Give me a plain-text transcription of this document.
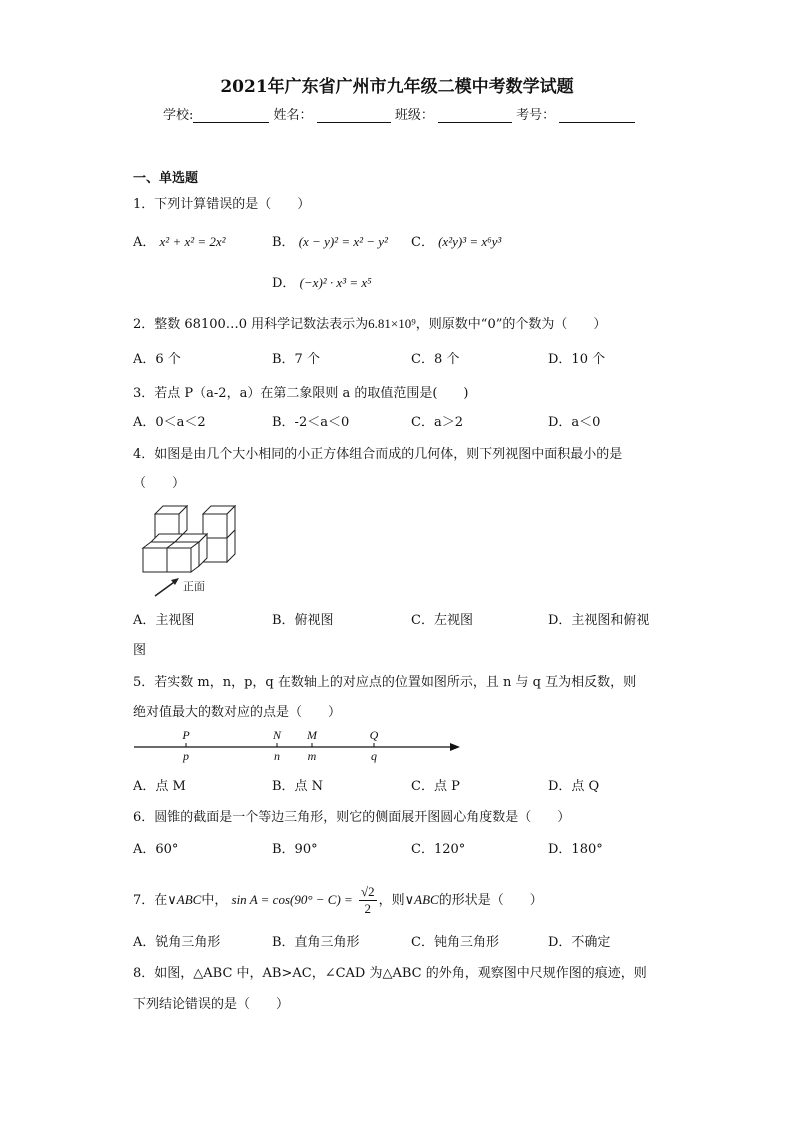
2021年广东省广州市九年级二模中考数学试题
学校:	姓名：	班级：	考号：
一、单选题
1．下列计算错误的是（　　）
A． x² + x² = 2x²	B． (x − y)² = x² − y² C． (x²y)³ = x⁶y³
D． (−x)² · x³ = x⁵
2．整数 68100…0 用科学记数法表示为6.81×10⁹，则原数中“0”的个数为（　　）
A．6 个	B．7 个	C．8 个	D．10 个
3．若点 P（a-2，a）在第二象限则 a 的取值范围是(　　)
A．0＜a＜2	B．-2＜a＜0	C．a＞2	D．a＜0
4．如图是由几个大小相同的小正方体组合而成的几何体，则下列视图中面积最小的是
（　　）
正面
A．主视图	B．俯视图	C．左视图	D．主视图和俯视
图
5．若实数 m，n，p，q 在数轴上的对应点的位置如图所示，且 n 与 q 互为相反数，则
绝对值最大的数对应的点是（　　）
P
p
N
n
M
m
Q
q
A．点 M	B．点 N	C．点 P	D．点 Q
6．圆锥的截面是一个等边三角形，则它的侧面展开图圆心角度数是（　　）
A．60°	B．90°	C．120°	D．180°
7．在∨ABC中， $\sin A = \cos(90^\circ - C) = \frac{√2}{2}$ ，则∨ABC的形状是（　　）
A．锐角三角形	B．直角三角形	C．钝角三角形	D．不确定
8．如图，△ABC 中，AB>AC，∠CAD 为△ABC 的外角，观察图中尺规作图的痕迹，则
下列结论错误的是（　　）
